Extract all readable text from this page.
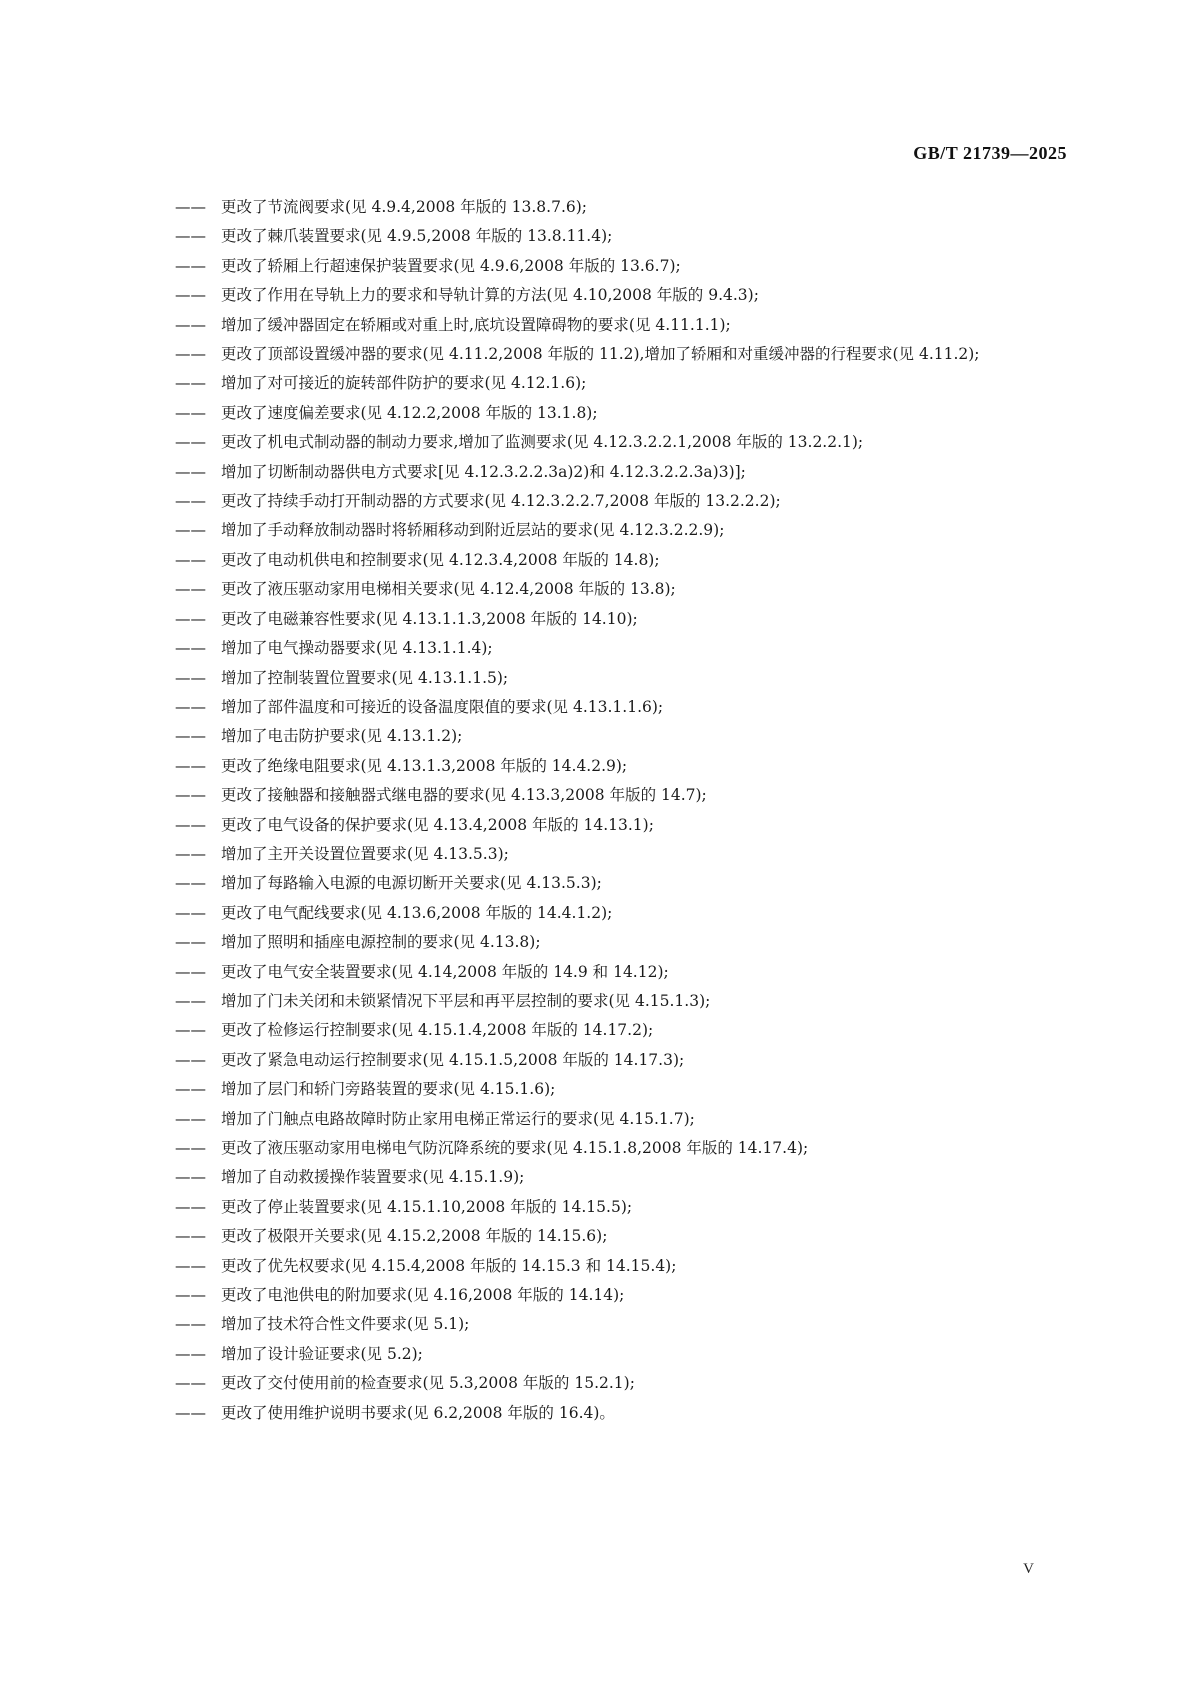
GB/T 21739—2025
—— 更改了节流阀要求(见 4.9.4,2008 年版的 13.8.7.6);
—— 更改了棘爪装置要求(见 4.9.5,2008 年版的 13.8.11.4);
—— 更改了轿厢上行超速保护装置要求(见 4.9.6,2008 年版的 13.6.7);
—— 更改了作用在导轨上力的要求和导轨计算的方法(见 4.10,2008 年版的 9.4.3);
—— 增加了缓冲器固定在轿厢或对重上时,底坑设置障碍物的要求(见 4.11.1.1);
—— 更改了顶部设置缓冲器的要求(见 4.11.2,2008 年版的 11.2),增加了轿厢和对重缓冲器的行程要求(见 4.11.2);
—— 增加了对可接近的旋转部件防护的要求(见 4.12.1.6);
—— 更改了速度偏差要求(见 4.12.2,2008 年版的 13.1.8);
—— 更改了机电式制动器的制动力要求,增加了监测要求(见 4.12.3.2.2.1,2008 年版的 13.2.2.1);
—— 增加了切断制动器供电方式要求[见 4.12.3.2.2.3a)2)和 4.12.3.2.2.3a)3)];
—— 更改了持续手动打开制动器的方式要求(见 4.12.3.2.2.7,2008 年版的 13.2.2.2);
—— 增加了手动释放制动器时将轿厢移动到附近层站的要求(见 4.12.3.2.2.9);
—— 更改了电动机供电和控制要求(见 4.12.3.4,2008 年版的 14.8);
—— 更改了液压驱动家用电梯相关要求(见 4.12.4,2008 年版的 13.8);
—— 更改了电磁兼容性要求(见 4.13.1.1.3,2008 年版的 14.10);
—— 增加了电气操动器要求(见 4.13.1.1.4);
—— 增加了控制装置位置要求(见 4.13.1.1.5);
—— 增加了部件温度和可接近的设备温度限值的要求(见 4.13.1.1.6);
—— 增加了电击防护要求(见 4.13.1.2);
—— 更改了绝缘电阻要求(见 4.13.1.3,2008 年版的 14.4.2.9);
—— 更改了接触器和接触器式继电器的要求(见 4.13.3,2008 年版的 14.7);
—— 更改了电气设备的保护要求(见 4.13.4,2008 年版的 14.13.1);
—— 增加了主开关设置位置要求(见 4.13.5.3);
—— 增加了每路输入电源的电源切断开关要求(见 4.13.5.3);
—— 更改了电气配线要求(见 4.13.6,2008 年版的 14.4.1.2);
—— 增加了照明和插座电源控制的要求(见 4.13.8);
—— 更改了电气安全装置要求(见 4.14,2008 年版的 14.9 和 14.12);
—— 增加了门未关闭和未锁紧情况下平层和再平层控制的要求(见 4.15.1.3);
—— 更改了检修运行控制要求(见 4.15.1.4,2008 年版的 14.17.2);
—— 更改了紧急电动运行控制要求(见 4.15.1.5,2008 年版的 14.17.3);
—— 增加了层门和轿门旁路装置的要求(见 4.15.1.6);
—— 增加了门触点电路故障时防止家用电梯正常运行的要求(见 4.15.1.7);
—— 更改了液压驱动家用电梯电气防沉降系统的要求(见 4.15.1.8,2008 年版的 14.17.4);
—— 增加了自动救援操作装置要求(见 4.15.1.9);
—— 更改了停止装置要求(见 4.15.1.10,2008 年版的 14.15.5);
—— 更改了极限开关要求(见 4.15.2,2008 年版的 14.15.6);
—— 更改了优先权要求(见 4.15.4,2008 年版的 14.15.3 和 14.15.4);
—— 更改了电池供电的附加要求(见 4.16,2008 年版的 14.14);
—— 增加了技术符合性文件要求(见 5.1);
—— 增加了设计验证要求(见 5.2);
—— 更改了交付使用前的检查要求(见 5.3,2008 年版的 15.2.1);
—— 更改了使用维护说明书要求(见 6.2,2008 年版的 16.4)。
V
